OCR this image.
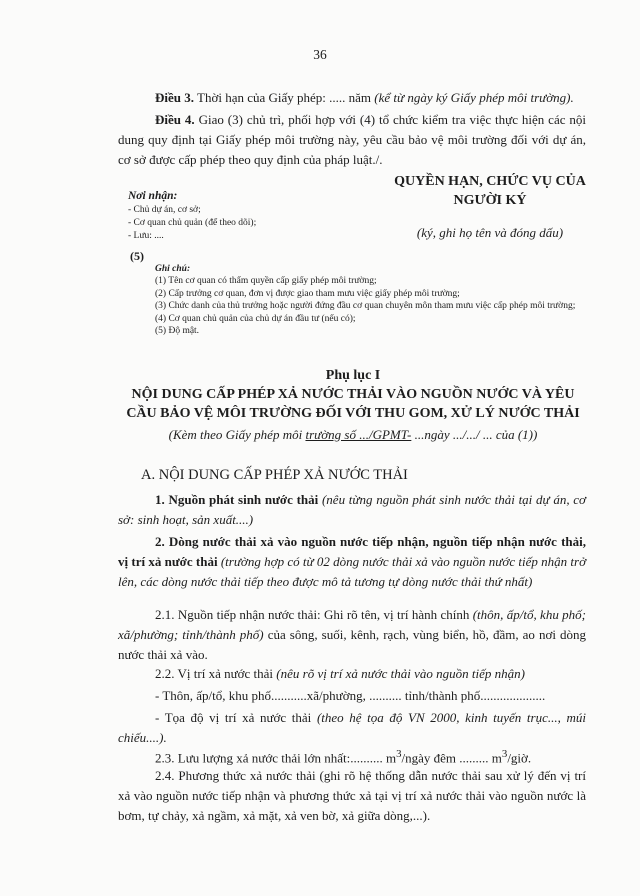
36

Điều 3. Thời hạn của Giấy phép: ..... năm (kể từ ngày ký Giấy phép môi trường).

Điều 4. Giao (3) chủ trì, phối hợp với (4) tổ chức kiểm tra việc thực hiện các nội dung quy định tại Giấy phép môi trường này, yêu cầu bảo vệ môi trường đối với dự án, cơ sở được cấp phép theo quy định của pháp luật./.

Nơi nhận:
- Chủ dự án, cơ sở;
- Cơ quan chủ quản (để theo dõi);
- Lưu: ....
QUYỀN HẠN, CHỨC VỤ CỦA
NGƯỜI KÝ
(ký, ghi họ tên và đóng dấu)
(5)
Ghi chú:
(1) Tên cơ quan có thẩm quyền cấp giấy phép môi trường;
(2) Cấp trưởng cơ quan, đơn vị được giao tham mưu việc giấy phép môi trường;
(3) Chức danh của thủ trưởng hoặc người đứng đầu cơ quan chuyên môn tham mưu việc cấp phép môi trường;
(4) Cơ quan chủ quản của chủ dự án đầu tư (nếu có);
(5) Độ mật.
Phụ lục I
NỘI DUNG CẤP PHÉP XẢ NƯỚC THẢI VÀO NGUỒN NƯỚC VÀ YÊU
CẦU BẢO VỆ MÔI TRƯỜNG ĐỐI VỚI THU GOM, XỬ LÝ NƯỚC THẢI
(Kèm theo Giấy phép môi trường số .../GPMT- ...ngày .../.../ ... của (1))
A. NỘI DUNG CẤP PHÉP XẢ NƯỚC THẢI

1. Nguồn phát sinh nước thải (nêu từng nguồn phát sinh nước thải tại dự án, cơ sở: sinh hoạt, sản xuất....)

2. Dòng nước thải xả vào nguồn nước tiếp nhận, nguồn tiếp nhận nước thải, vị trí xả nước thải (trường hợp có từ 02 dòng nước thải xả vào nguồn nước tiếp nhận trở lên, các dòng nước thải tiếp theo được mô tả tương tự dòng nước thải thứ nhất)

2.1. Nguồn tiếp nhận nước thải: Ghi rõ tên, vị trí hành chính (thôn, ấp/tổ, khu phố; xã/phường; tỉnh/thành phố) của sông, suối, kênh, rạch, vùng biển, hồ, đầm, ao nơi dòng nước thải xả vào.

2.2. Vị trí xả nước thải (nêu rõ vị trí xả nước thải vào nguồn tiếp nhận)

- Thôn, ấp/tổ, khu phố...........xã/phường, .......... tỉnh/thành phố....................

- Tọa độ vị trí xả nước thải (theo hệ tọa độ VN 2000, kinh tuyến trục..., múi chiếu....).

2.3. Lưu lượng xả nước thải lớn nhất:.......... $m^3$/ngày đêm ......... $m^3$/giờ.

2.4. Phương thức xả nước thải (ghi rõ hệ thống dẫn nước thải sau xử lý đến vị trí xả vào nguồn nước tiếp nhận và phương thức xả tại vị trí xả nước thải vào nguồn nước là bơm, tự chảy, xả ngầm, xả mặt, xả ven bờ, xả giữa dòng,...).
